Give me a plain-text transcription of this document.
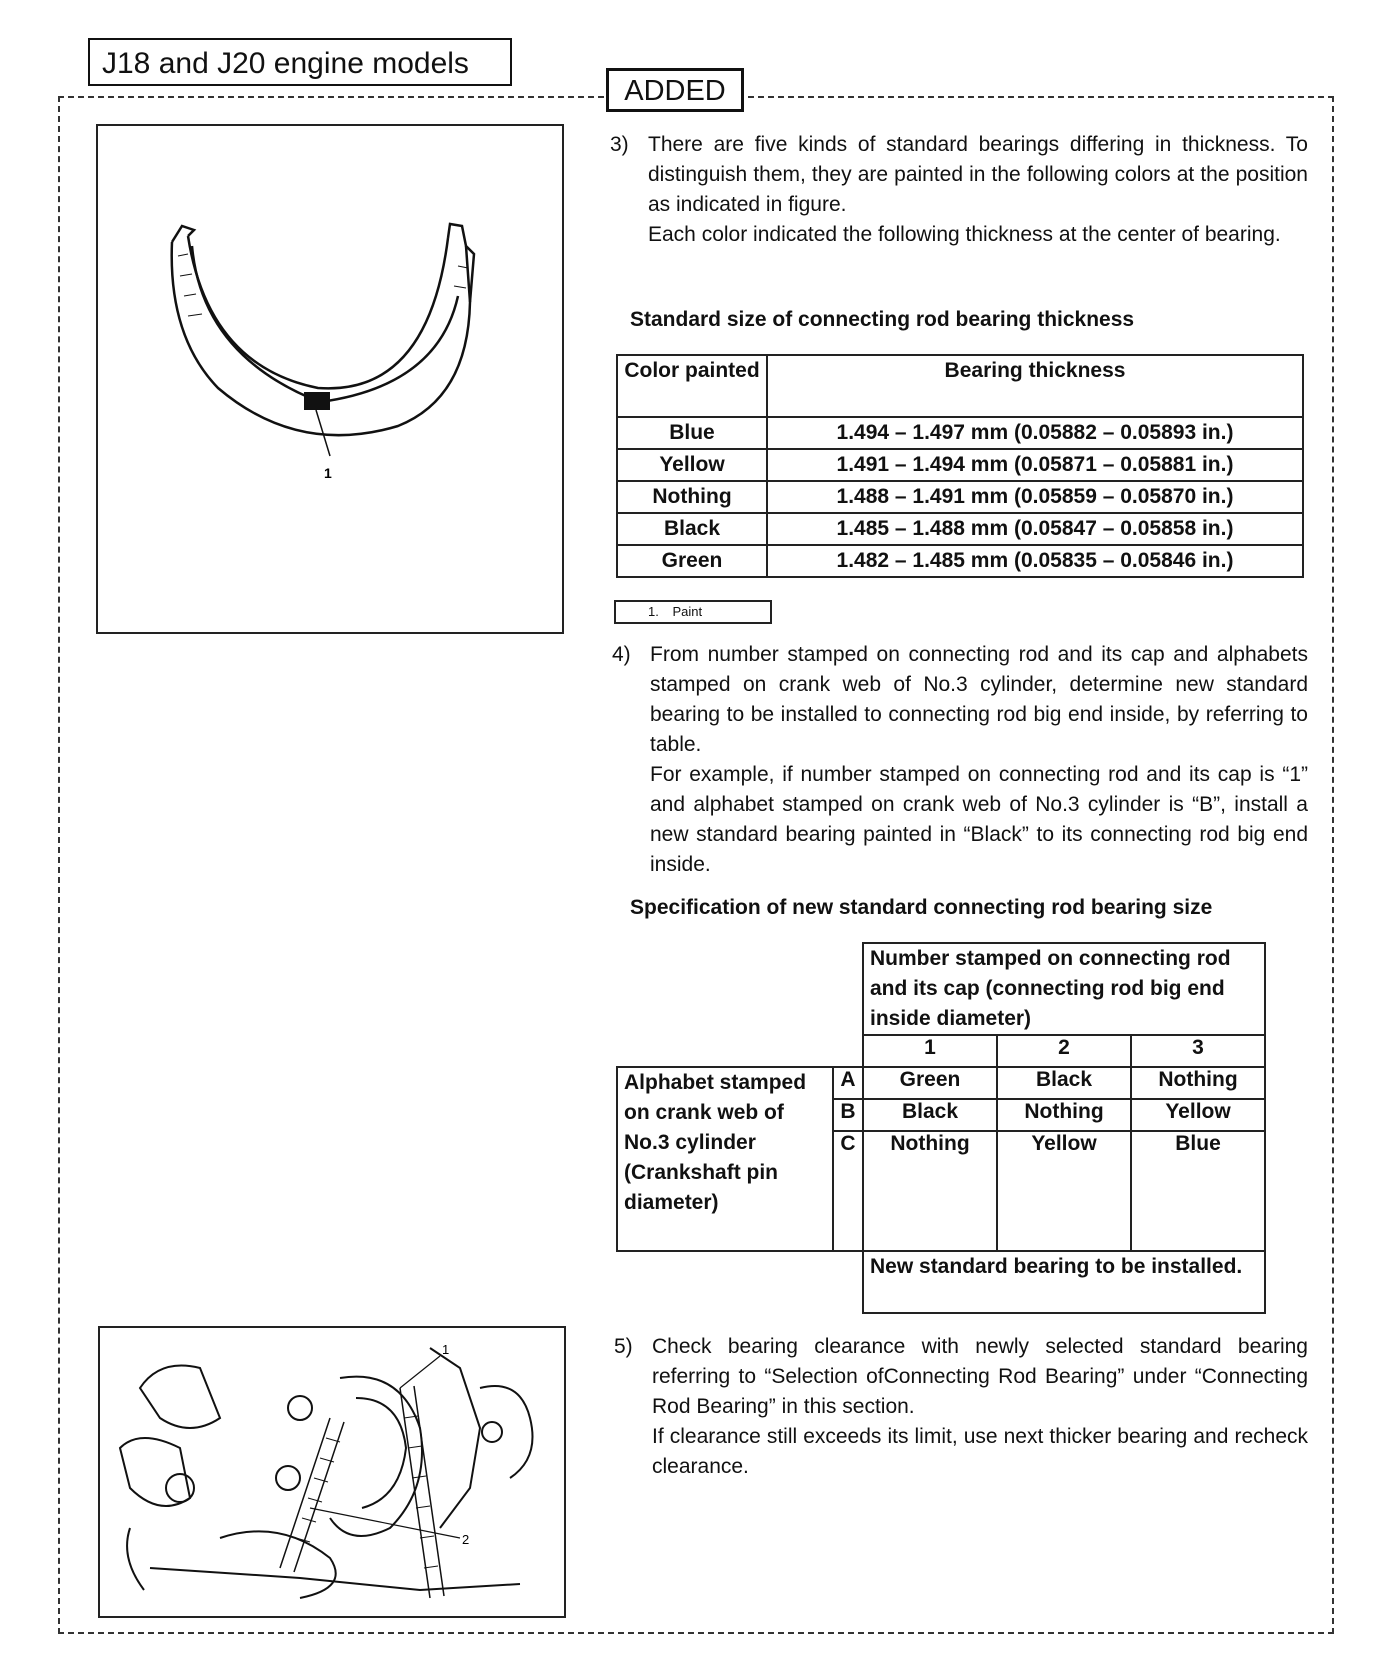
J18 and J20 engine models
ADDED
1
3) There are five kinds of standard bearings differing in thickness. To distinguish them, they are painted in the following colors at the position as indicated in figure.

Each color indicated the following thickness at the center of bearing.

Standard size of connecting rod bearing thickness
Color painted	Bearing thickness
Blue	1.494 – 1.497 mm (0.05882 – 0.05893 in.)
Yellow	1.491 – 1.494 mm (0.05871 – 0.05881 in.)
Nothing	1.488 – 1.491 mm (0.05859 – 0.05870 in.)
Black	1.485 – 1.488 mm (0.05847 – 0.05858 in.)
Green	1.482 – 1.485 mm (0.05835 – 0.05846 in.)
1. Paint
4) From number stamped on connecting rod and its cap and alphabets stamped on crank web of No.3 cylinder, determine new standard bearing to be installed to connecting rod big end inside, by referring to table.

For example, if number stamped on connecting rod and its cap is “1” and alphabet stamped on crank web of No.3 cylinder is “B”, install a new standard bearing painted in “Black” to its connecting rod big end inside.

Specification of new standard connecting rod bearing size
		Number stamped on connecting rod and its cap (connecting rod big end inside diameter)		
		1	2	3
Alphabet stamped on crank web of No.3 cylinder (Crankshaft pin diameter)	A	Green	Black	Nothing
	B	Black	Nothing	Yellow
	C	Nothing	Yellow	Blue
		New standard bearing to be installed.		
5) Check bearing clearance with newly selected standard bearing referring to “Selection ofConnecting Rod Bearing” under “Connecting Rod Bearing” in this section.

If clearance still exceeds its limit, use next thicker bearing and recheck clearance.

1
2
